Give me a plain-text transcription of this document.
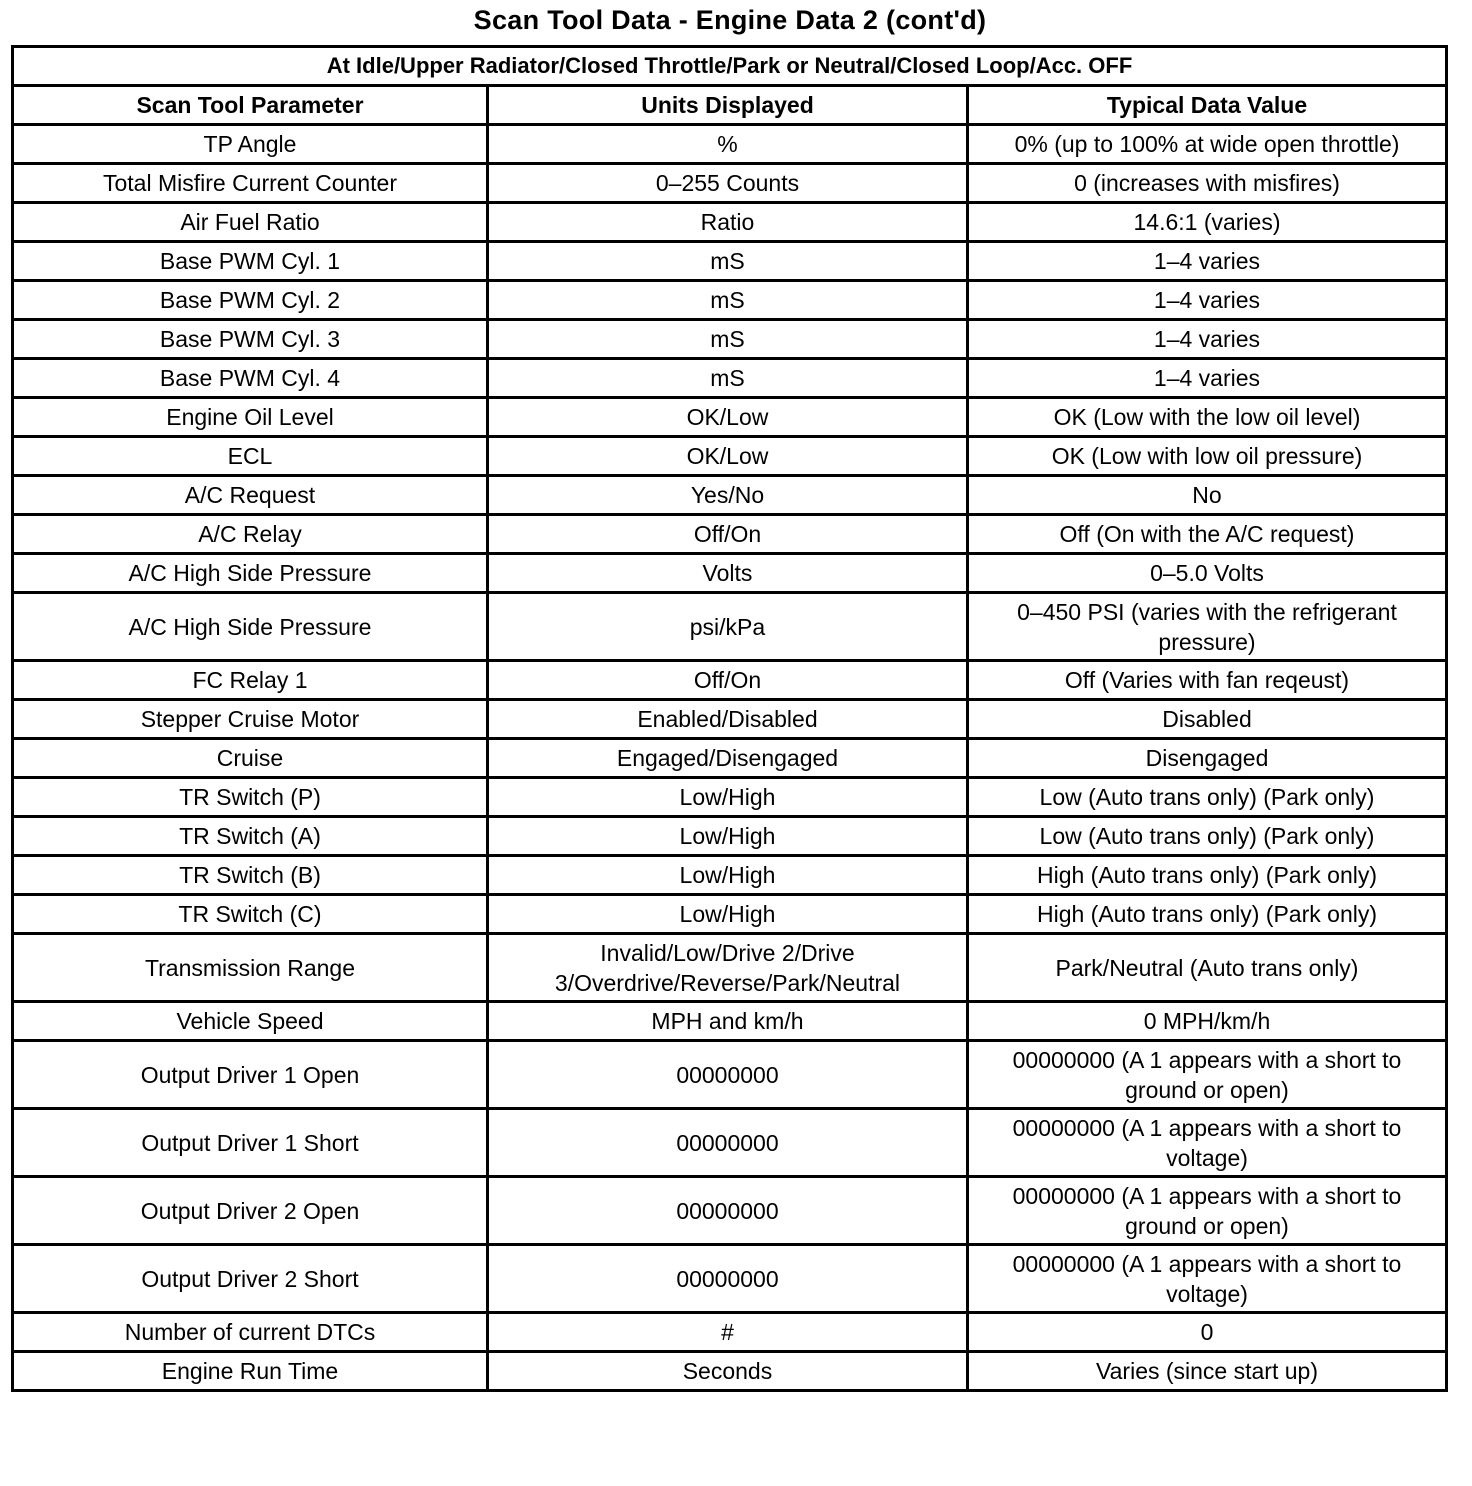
Scan Tool Data - Engine Data 2 (cont'd)
At Idle/Upper Radiator/Closed Throttle/Park or Neutral/Closed Loop/Acc. OFF		
Scan Tool Parameter	Units Displayed	Typical Data Value
TP Angle	%	0% (up to 100% at wide open throttle)
Total Misfire Current Counter	0–255 Counts	0 (increases with misfires)
Air Fuel Ratio	Ratio	14.6:1 (varies)
Base PWM Cyl. 1	mS	1–4 varies
Base PWM Cyl. 2	mS	1–4 varies
Base PWM Cyl. 3	mS	1–4 varies
Base PWM Cyl. 4	mS	1–4 varies
Engine Oil Level	OK/Low	OK (Low with the low oil level)
ECL	OK/Low	OK (Low with low oil pressure)
A/C Request	Yes/No	No
A/C Relay	Off/On	Off (On with the A/C request)
A/C High Side Pressure	Volts	0–5.0 Volts
A/C High Side Pressure	psi/kPa	0–450 PSI (varies with the refrigerant pressure)
FC Relay 1	Off/On	Off (Varies with fan reqeust)
Stepper Cruise Motor	Enabled/Disabled	Disabled
Cruise	Engaged/Disengaged	Disengaged
TR Switch (P)	Low/High	Low (Auto trans only) (Park only)
TR Switch (A)	Low/High	Low (Auto trans only) (Park only)
TR Switch (B)	Low/High	High (Auto trans only) (Park only)
TR Switch (C)	Low/High	High (Auto trans only) (Park only)
Transmission Range	Invalid/Low/Drive 2/Drive 3/Overdrive/Reverse/Park/Neutral	Park/Neutral (Auto trans only)
Vehicle Speed	MPH and km/h	0 MPH/km/h
Output Driver 1 Open	00000000	00000000 (A 1 appears with a short to ground or open)
Output Driver 1 Short	00000000	00000000 (A 1 appears with a short to voltage)
Output Driver 2 Open	00000000	00000000 (A 1 appears with a short to ground or open)
Output Driver 2 Short	00000000	00000000 (A 1 appears with a short to voltage)
Number of current DTCs	#	0
Engine Run Time	Seconds	Varies (since start up)
